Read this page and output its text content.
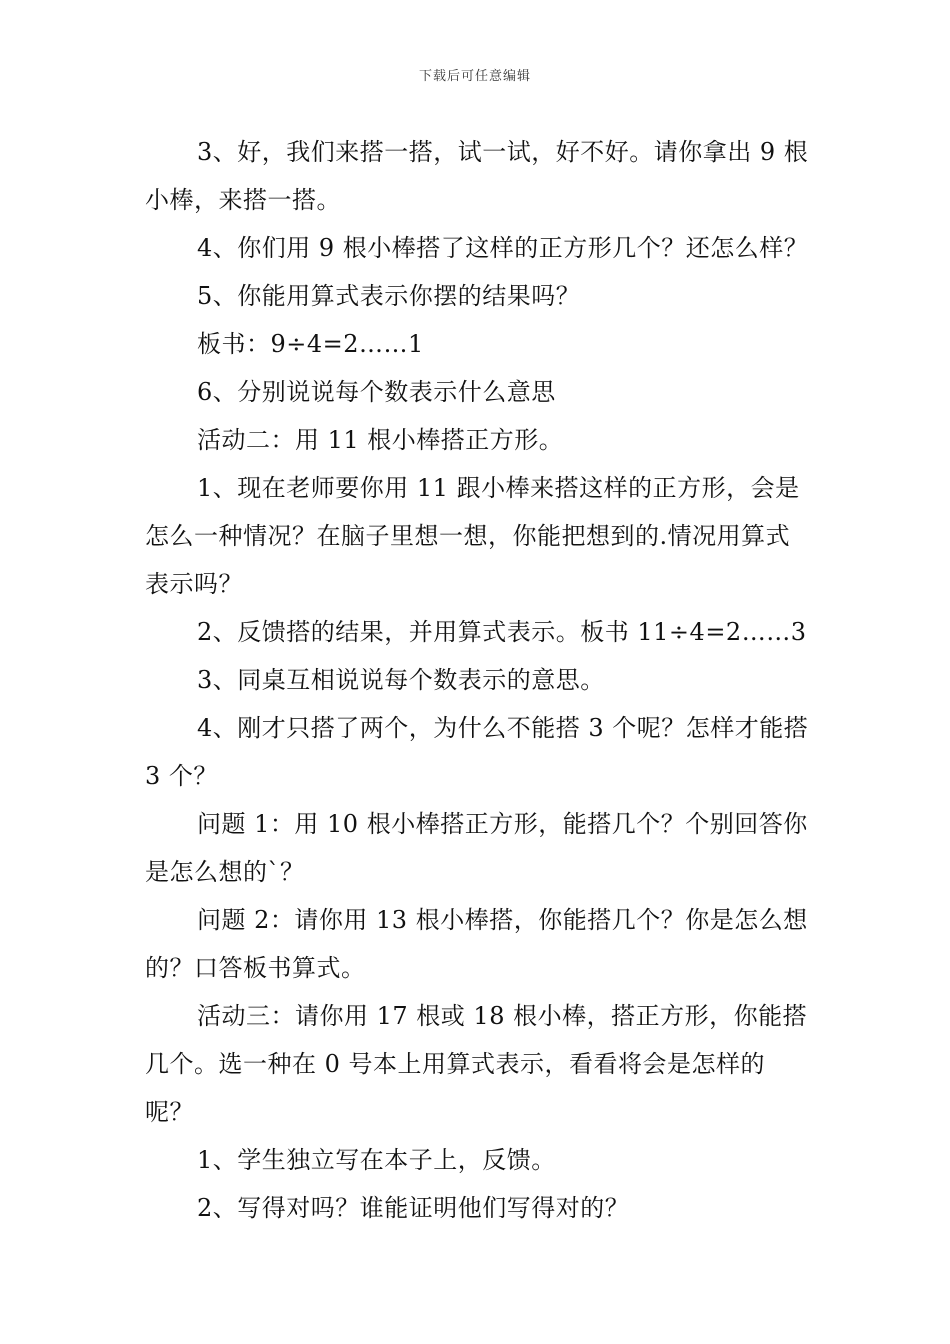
下载后可任意编辑

3、好，我们来搭一搭，试一试，好不好。请你拿出 9 根小棒，来搭一搭。

4、你们用 9 根小棒搭了这样的正方形几个？还怎么样？

5、你能用算式表示你摆的结果吗？

板书：9÷4=2……1

6、分别说说每个数表示什么意思

活动二：用 11 根小棒搭正方形。

1、现在老师要你用 11 跟小棒来搭这样的正方形，会是怎么一种情况？在脑子里想一想，你能把想到的.情况用算式表示吗？

2、反馈搭的结果，并用算式表示。板书 11÷4=2……3

3、同桌互相说说每个数表示的意思。

4、刚才只搭了两个，为什么不能搭 3 个呢？怎样才能搭 3 个？

问题 1：用 10 根小棒搭正方形，能搭几个？个别回答你是怎么想的`？

问题 2：请你用 13 根小棒搭，你能搭几个？你是怎么想的？口答板书算式。

活动三：请你用 17 根或 18 根小棒，搭正方形，你能搭几个。选一种在 0 号本上用算式表示，看看将会是怎样的呢？

1、学生独立写在本子上，反馈。

2、写得对吗？谁能证明他们写得对的？
